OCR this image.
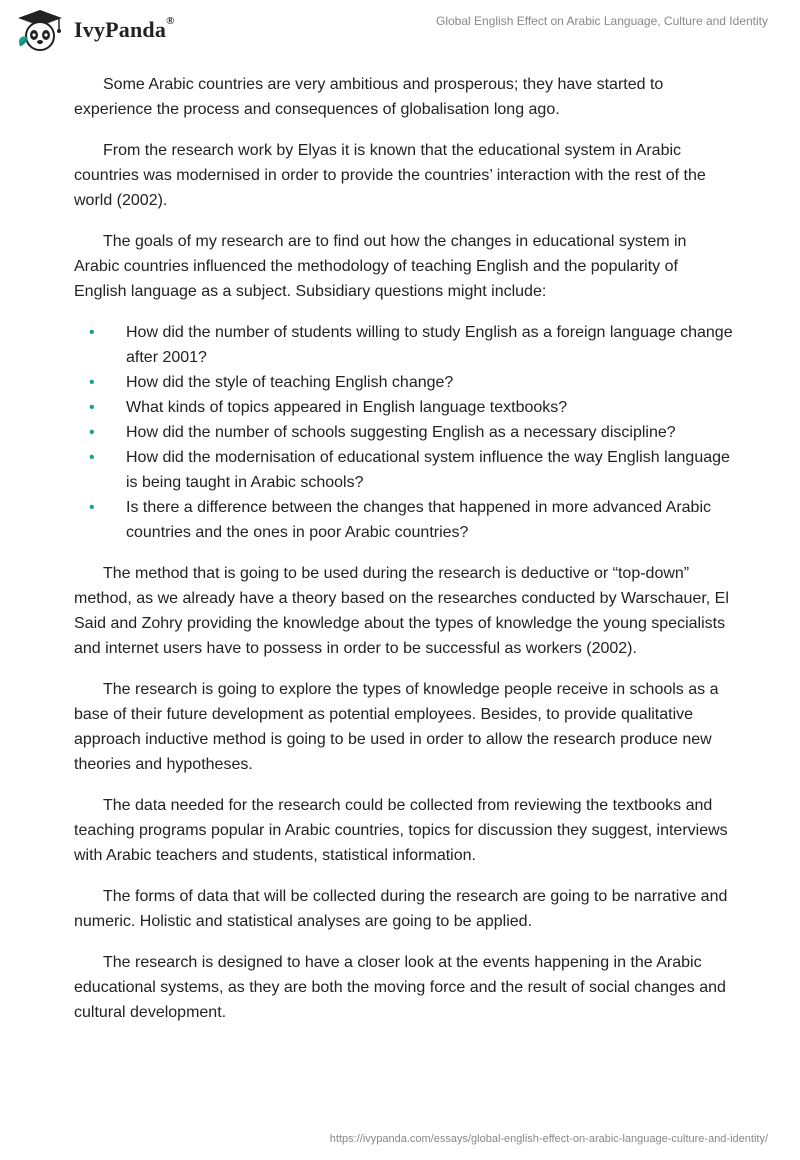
IvyPanda®	Global English Effect on Arabic Language, Culture and Identity

Some Arabic countries are very ambitious and prosperous; they have started to experience the process and consequences of globalisation long ago.

From the research work by Elyas it is known that the educational system in Arabic countries was modernised in order to provide the countries’ interaction with the rest of the world (2002).

The goals of my research are to find out how the changes in educational system in Arabic countries influenced the methodology of teaching English and the popularity of English language as a subject. Subsidiary questions might include:

• How did the number of students willing to study English as a foreign language change after 2001?
• How did the style of teaching English change?
• What kinds of topics appeared in English language textbooks?
• How did the number of schools suggesting English as a necessary discipline?
• How did the modernisation of educational system influence the way English language is being taught in Arabic schools?
• Is there a difference between the changes that happened in more advanced Arabic countries and the ones in poor Arabic countries?

The method that is going to be used during the research is deductive or “top-down” method, as we already have a theory based on the researches conducted by Warschauer, El Said and Zohry providing the knowledge about the types of knowledge the young specialists and internet users have to possess in order to be successful as workers (2002).

The research is going to explore the types of knowledge people receive in schools as a base of their future development as potential employees. Besides, to provide qualitative approach inductive method is going to be used in order to allow the research produce new theories and hypotheses.

The data needed for the research could be collected from reviewing the textbooks and teaching programs popular in Arabic countries, topics for discussion they suggest, interviews with Arabic teachers and students, statistical information.

The forms of data that will be collected during the research are going to be narrative and numeric. Holistic and statistical analyses are going to be applied.

The research is designed to have a closer look at the events happening in the Arabic educational systems, as they are both the moving force and the result of social changes and cultural development.

https://ivypanda.com/essays/global-english-effect-on-arabic-language-culture-and-identity/
